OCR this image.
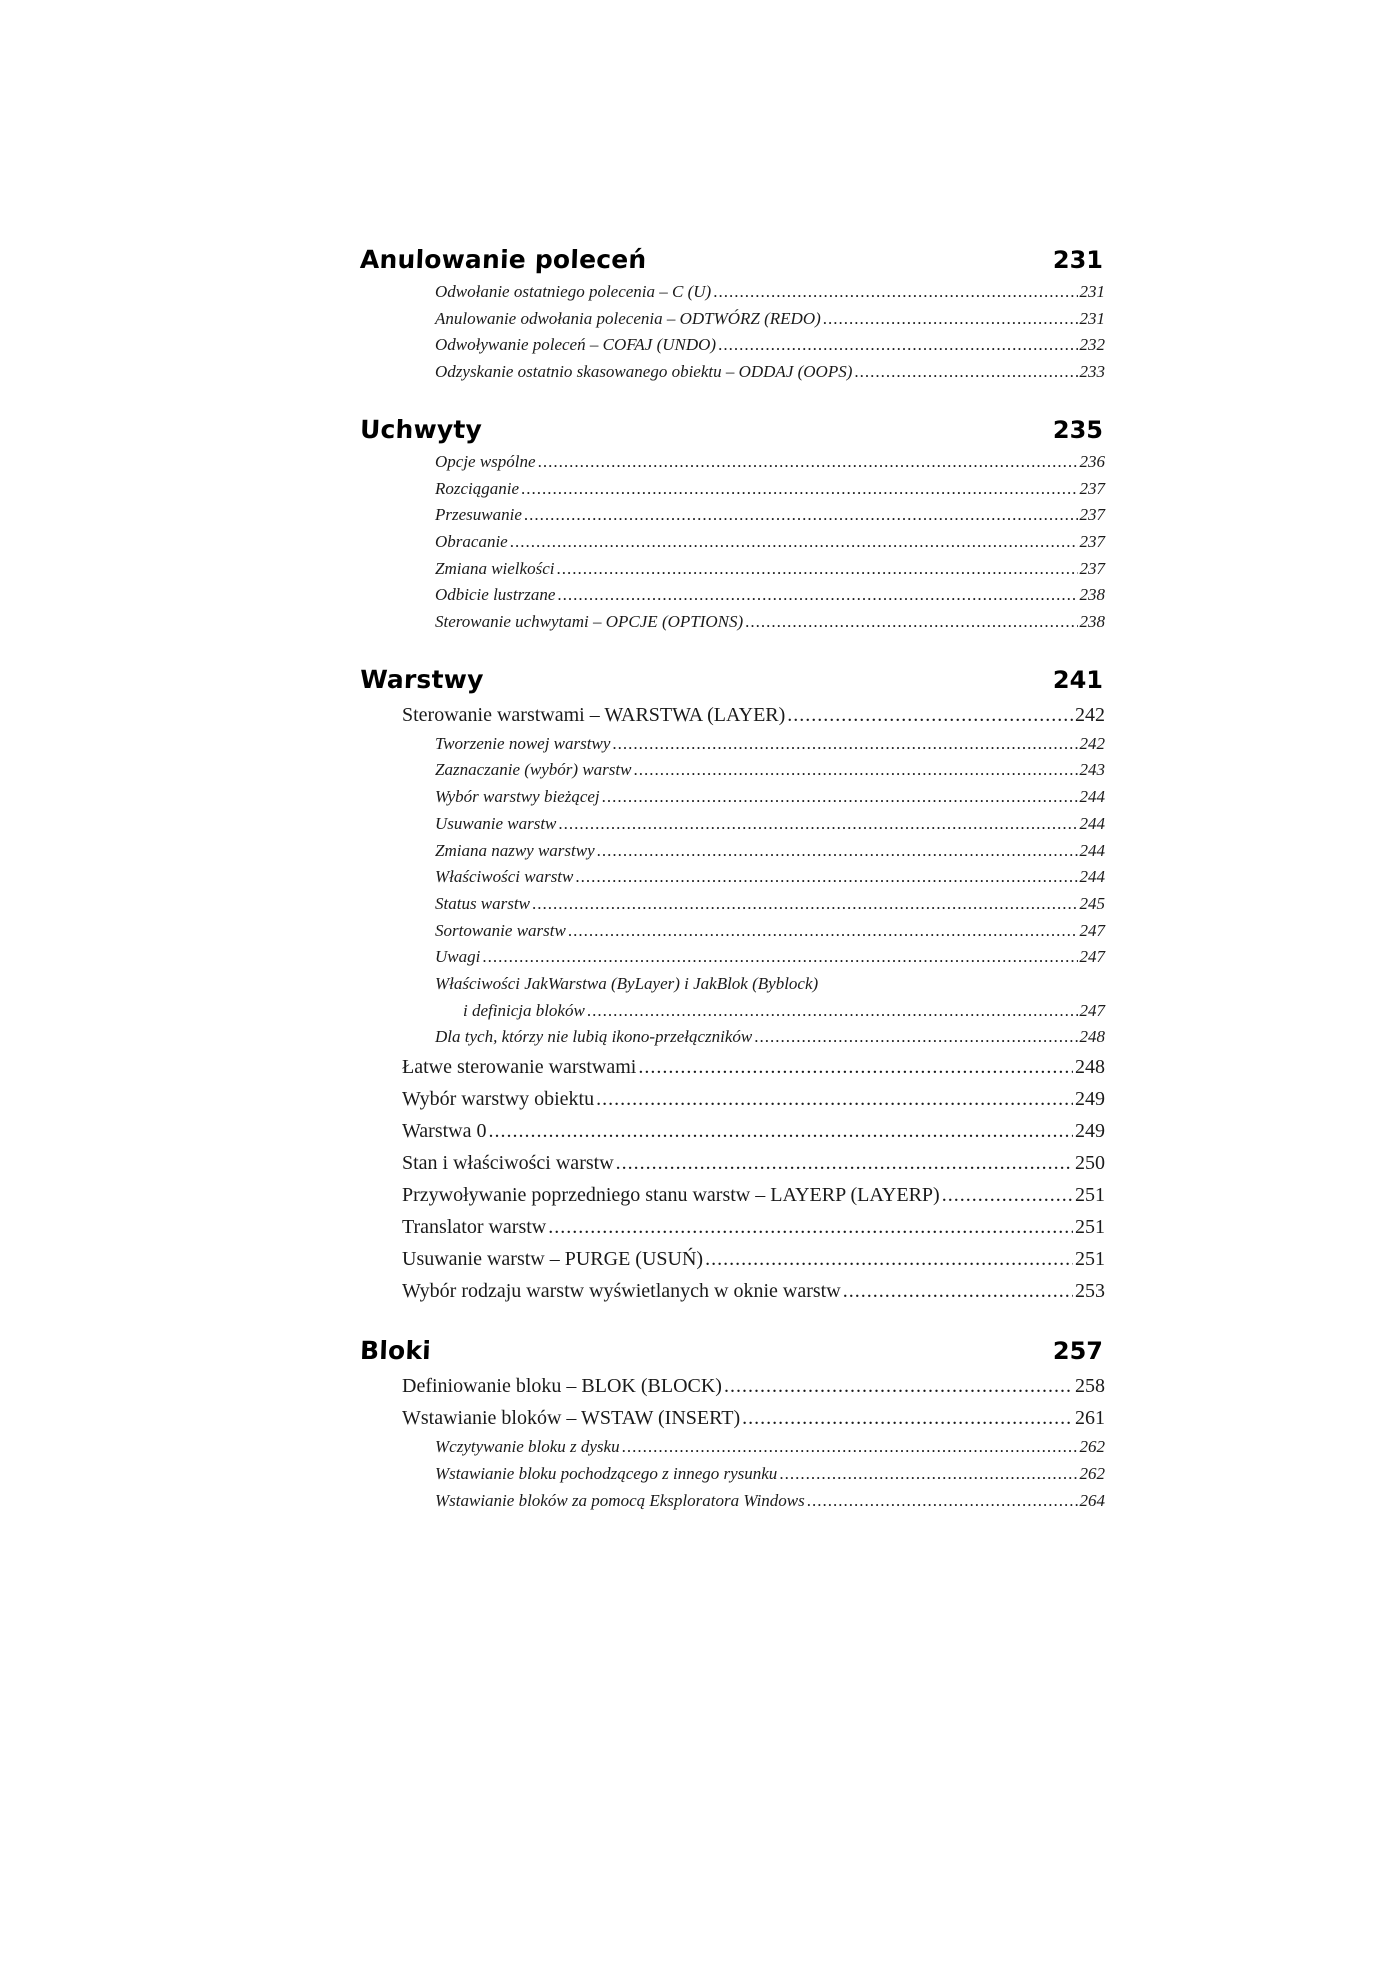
Anulowanie poleceń	231
Odwołanie ostatniego polecenia – C (U) .....	231
Anulowanie odwołania polecenia – ODTWÓRZ (REDO) .....	231
Odwoływanie poleceń – COFAJ (UNDO) .....	232
Odzyskanie ostatnio skasowanego obiektu – ODDAJ (OOPS) .....	233
Uchwyty	235
Opcje wspólne .....	236
Rozciąganie .....	237
Przesuwanie .....	237
Obracanie .....	237
Zmiana wielkości .....	237
Odbicie lustrzane .....	238
Sterowanie uchwytami – OPCJE (OPTIONS) .....	238
Warstwy	241
Sterowanie warstwami – WARSTWA (LAYER) .....	242
Tworzenie nowej warstwy .....	242
Zaznaczanie (wybór) warstw .....	243
Wybór warstwy bieżącej .....	244
Usuwanie warstw .....	244
Zmiana nazwy warstwy .....	244
Właściwości warstw .....	244
Status warstw .....	245
Sortowanie warstw .....	247
Uwagi .....	247
Właściwości JakWarstwa (ByLayer) i JakBlok (Byblock)
i definicja bloków .....	247
Dla tych, którzy nie lubią ikono-przełączników .....	248
Łatwe sterowanie warstwami .....	248
Wybór warstwy obiektu .....	249
Warstwa 0 .....	249
Stan i właściwości warstw .....	250
Przywoływanie poprzedniego stanu warstw – LAYERP (LAYERP) .....	251
Translator warstw .....	251
Usuwanie warstw – PURGE (USUŃ) .....	251
Wybór rodzaju warstw wyświetlanych w oknie warstw .....	253
Bloki	257
Definiowanie bloku – BLOK (BLOCK) .....	258
Wstawianie bloków – WSTAW (INSERT) .....	261
Wczytywanie bloku z dysku .....	262
Wstawianie bloku pochodzącego z innego rysunku .....	262
Wstawianie bloków za pomocą Eksploratora Windows .....	264
